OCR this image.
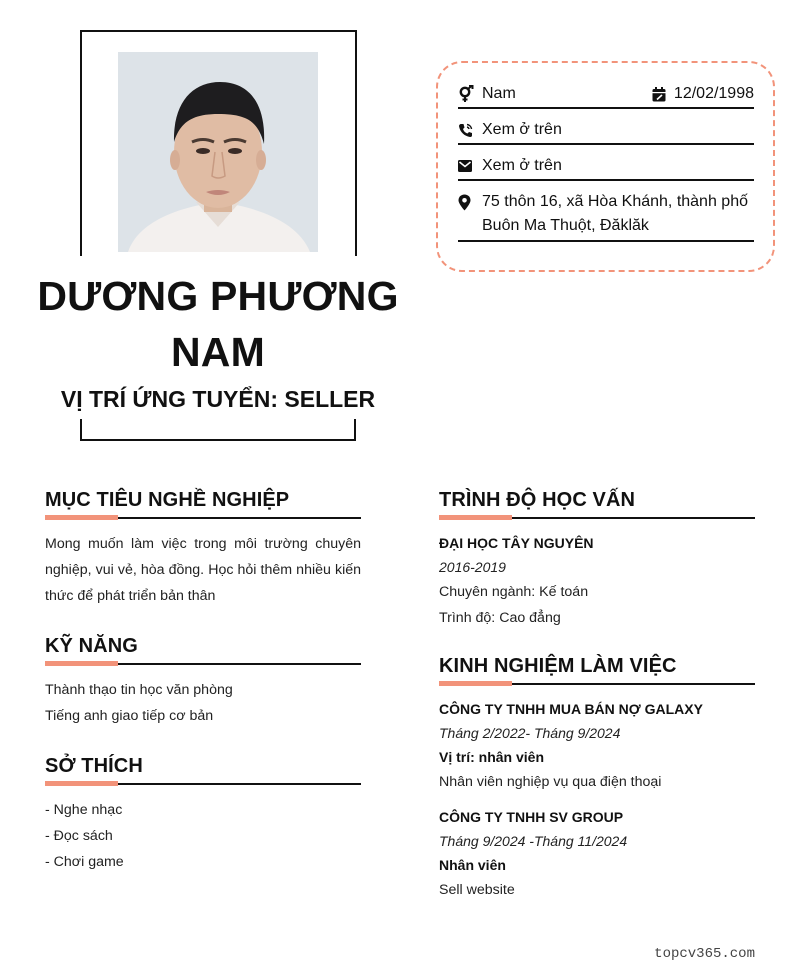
DƯƠNG PHƯƠNG NAM
VỊ TRÍ ỨNG TUYỂN: SELLER
Nam	12/02/1998
Xem ở trên
Xem ở trên
75 thôn 16, xã Hòa Khánh, thành phố Buôn Ma Thuột, Đăklăk
MỤC TIÊU NGHỀ NGHIỆP
Mong muốn làm việc trong môi trường chuyên nghiệp, vui vẻ, hòa đồng. Học hỏi thêm nhiều kiến thức để phát triển bản thân
KỸ NĂNG
Thành thạo tin học văn phòng
Tiếng anh giao tiếp cơ bản
SỞ THÍCH
- Nghe nhạc
- Đọc sách
- Chơi game
TRÌNH ĐỘ HỌC VẤN
ĐẠI HỌC TÂY NGUYÊN
2016-2019
Chuyên ngành: Kế toán
Trình độ: Cao đẳng
KINH NGHIỆM LÀM VIỆC
CÔNG TY TNHH MUA BÁN NỢ GALAXY
Tháng 2/2022- Tháng 9/2024
Vị trí: nhân viên
Nhân viên nghiệp vụ qua điện thoại
CÔNG TY TNHH SV GROUP
Tháng 9/2024 -Tháng 11/2024
Nhân viên
Sell website
topcv365.com
